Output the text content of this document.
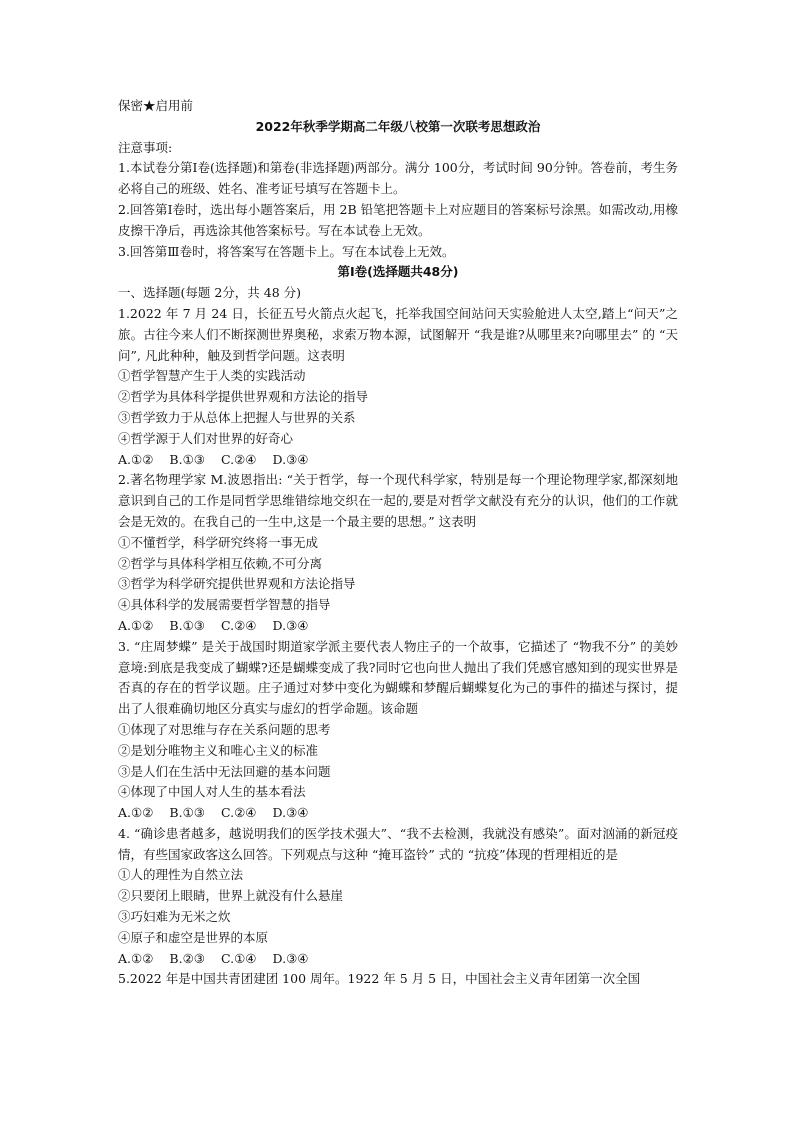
保密★启用前
2022年秋季学期高二年级八校第一次联考思想政治
注意事项:
1.本试卷分第Ⅰ卷(选择题)和第卷(非选择题)两部分。满分 100分，考试时间 90分钟。答卷前，考生务必将自己的班级、姓名、准考证号填写在答题卡上。
2.回答第Ⅰ卷时，选出每小题答案后，用 2B 铅笔把答题卡上对应题目的答案标号涂黑。如需改动,用橡皮擦干净后，再选涂其他答案标号。写在本试卷上无效。
3.回答第Ⅲ卷时，将答案写在答题卡上。写在本试卷上无效。
第Ⅰ卷(选择题共48分)
一、选择题(每题 2分，共 48 分)
1.2022 年 7 月 24 日，长征五号火箭点火起飞，托举我国空间站问天实验舱进人太空,踏上“问天”之旅。古往今来人们不断探测世界奥秘，求索万物本源，试图解开 “我是谁?从哪里来?向哪里去” 的 “天问”, 凡此种种，触及到哲学问题。这表明
①哲学智慧产生于人类的实践活动
②哲学为具体科学提供世界观和方法论的指导
③哲学致力于从总体上把握人与世界的关系
④哲学源于人们对世界的好奇心
A.①② B.①③ C.②④ D.③④
2.著名物理学家 M.波恩指出: “关于哲学，每一个现代科学家，特别是每一个理论物理学家,都深刻地意识到自己的工作是同哲学思维错综地交织在一起的,要是对哲学文献没有充分的认识，他们的工作就会是无效的。在我自己的一生中,这是一个最主要的思想。” 这表明
①不懂哲学，科学研究终将一事无成
②哲学与具体科学相互依赖,不可分离
③哲学为科学研究提供世界观和方法论指导
④具体科学的发展需要哲学智慧的指导
A.①② B.①③ C.②④ D.③④
3. “庄周梦蝶” 是关于战国时期道家学派主要代表人物庄子的一个故事，它描述了 “物我不分” 的美妙意境:到底是我变成了蝴蝶?还是蝴蝶变成了我?同时它也向世人抛出了我们凭感官感知到的现实世界是否真的存在的哲学议题。庄子通过对梦中变化为蝴蝶和梦醒后蝴蝶复化为己的事件的描述与探讨，提出了人很难确切地区分真实与虚幻的哲学命题。该命题
①体现了对思维与存在关系问题的思考
②是划分唯物主义和唯心主义的标准
③是人们在生活中无法回避的基本问题
④体现了中国人对人生的基本看法
A.①② B.①③ C.②④ D.③④
4. “确诊患者越多，越说明我们的医学技术强大”、“我不去检测，我就没有感染”。面对汹涌的新冠疫情，有些国家政客这么回答。下列观点与这种 “掩耳盗铃” 式的 “抗疫”体现的哲理相近的是
①人的理性为自然立法
②只要闭上眼睛，世界上就没有什么悬崖
③巧妇难为无米之炊
④原子和虚空是世界的本原
A.①② B.②③ C.①④ D.③④
5.2022 年是中国共青团建团 100 周年。1922 年 5 月 5 日，中国社会主义青年团第一次全国
